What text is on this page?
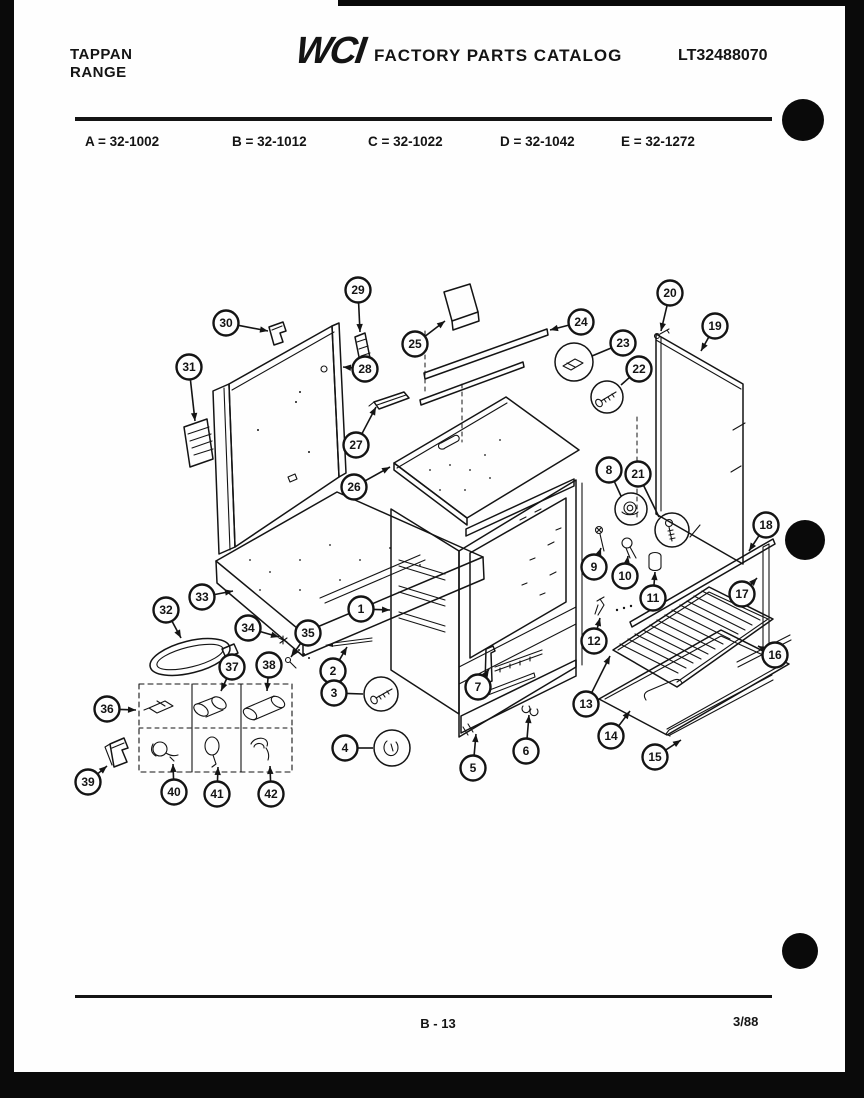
TAPPAN
RANGE
WCI FACTORY PARTS CATALOG	LT32488070
A = 32-1002	B = 32-1012	C = 32-1022	D = 32-1042	E = 32-1272
1
2
3
4
5
6
7
8
9
10
11
12
13
14
15
16
17
18
19
20
21
22
23
24
25
26
27
28
29
30
31
32
33
34	35
36
37 38
39
40 41	42
B - 13	3/88
